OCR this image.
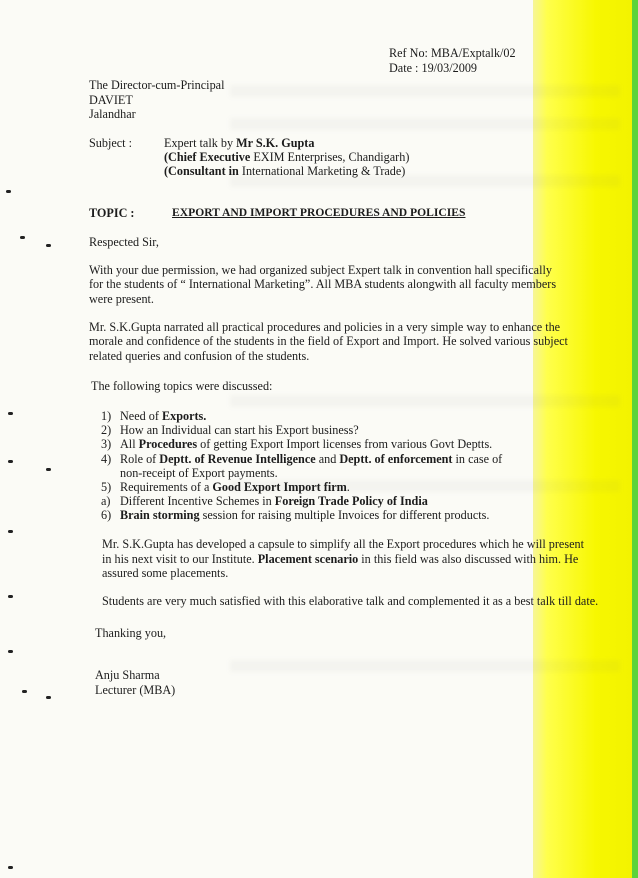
Ref No: MBA/Exptalk/02
Date : 19/03/2009
The Director-cum-Principal
DAVIET
Jalandhar
Subject :	Expert talk by Mr S.K. Gupta
(Chief Executive EXIM Enterprises, Chandigarh)
(Consultant in International Marketing & Trade)
TOPIC :	EXPORT AND IMPORT PROCEDURES AND POLICIES
Respected Sir,
With your due permission, we had organized subject Expert talk in convention hall specifically
for the students of “ International Marketing”. All MBA students alongwith all faculty members
were present.
Mr. S.K.Gupta narrated all practical procedures and policies in a very simple way to enhance the
morale and confidence of the students in the field of Export and Import. He solved various subject
related queries and confusion of the students.
The following topics were discussed:
1) Need of Exports.
2) How an Individual can start his Export business?
3) All Procedures of getting Export Import licenses from various Govt Deptts.
4) Role of Deptt. of Revenue Intelligence and Deptt. of enforcement in case of
non-receipt of Export payments.
5) Requirements of a Good Export Import firm.
a) Different Incentive Schemes in Foreign Trade Policy of India
6) Brain storming session for raising multiple Invoices for different products.
Mr. S.K.Gupta has developed a capsule to simplify all the Export procedures which he will present
in his next visit to our Institute. Placement scenario in this field was also discussed with him. He
assured some placements.
Students are very much satisfied with this elaborative talk and complemented it as a best talk till date.
Thanking you,
Anju Sharma
Lecturer (MBA)
